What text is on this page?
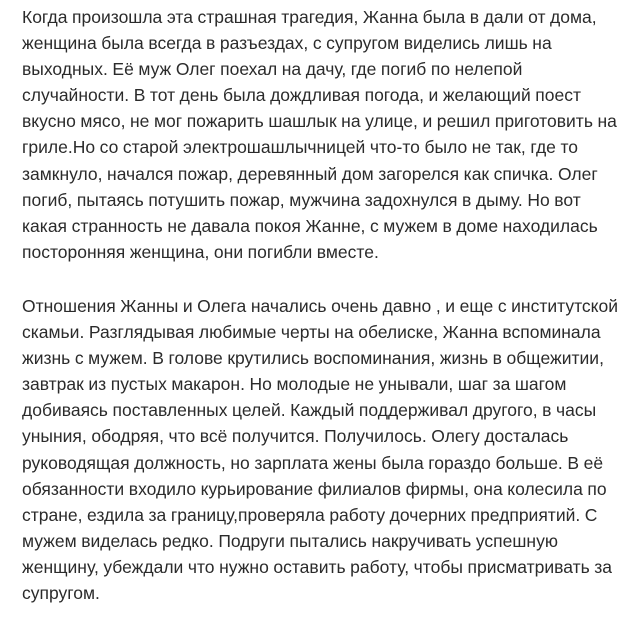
Когда произошла эта страшная трагедия, Жанна была в дали от дома, женщина была всегда в разъездах, с супругом виделись лишь на выходных. Её муж Олег поехал на дачу, где погиб по нелепой случайности. В тот день была дождливая погода, и желающий поест вкусно мясо, не мог пожарить шашлык на улице, и решил приготовить на гриле.Но со старой электрошашлычницей что-то было не так, где то замкнуло, начался пожар, деревянный дом загорелся как спичка. Олег погиб, пытаясь потушить пожар, мужчина задохнулся в дыму. Но вот какая странность не давала покоя Жанне, с мужем в доме находилась посторонняя женщина, они погибли вместе.

Отношения Жанны и Олега начались очень давно , и еще с институтской скамьи. Разглядывая любимые черты на обелиске, Жанна вспоминала жизнь с мужем. В голове крутились воспоминания, жизнь в общежитии, завтрак из пустых макарон. Но молодые не унывали, шаг за шагом добиваясь поставленных целей. Каждый поддерживал другого, в часы уныния, ободряя, что всё получится. Получилось. Олегу досталась руководящая должность, но зарплата жены была гораздо больше. В её обязанности входило курьирование филиалов фирмы, она колесила по стране, ездила за границу,проверяла работу дочерних предприятий. С мужем виделась редко. Подруги пытались накручивать успешную женщину, убеждали что нужно оставить работу, чтобы присматривать за супругом.
